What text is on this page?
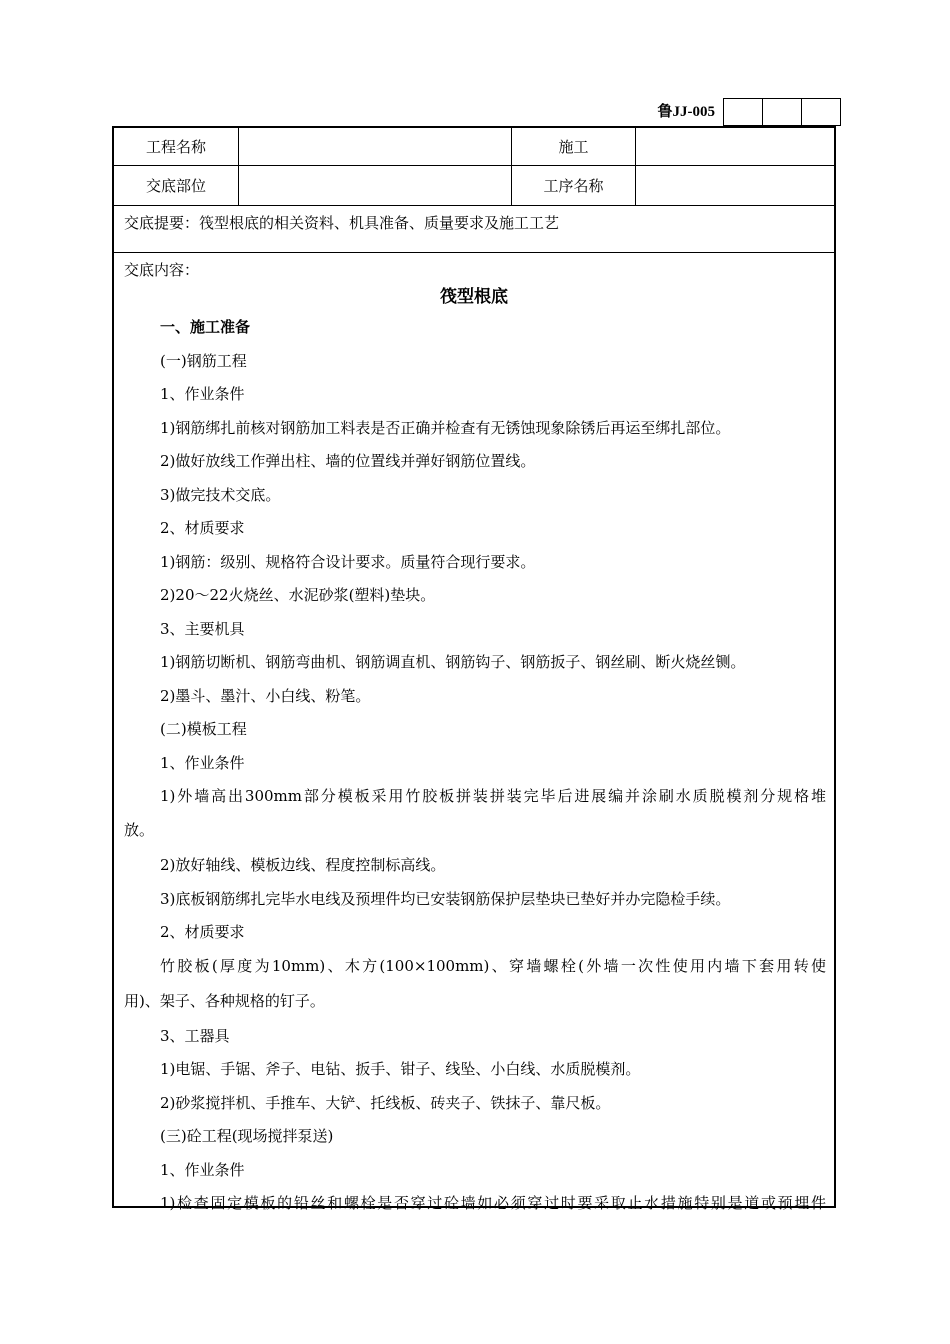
鲁JJ-005
工程名称	施工
交底部位	工序名称
交底提要：筏型根底的相关资料、机具准备、质量要求及施工工艺
交底内容：
筏型根底
一、施工准备
(一)钢筋工程
1、作业条件
1)钢筋绑扎前核对钢筋加工料表是否正确并检查有无锈蚀现象除锈后再运至绑扎部位。
2)做好放线工作弹出柱、墙的位置线并弹好钢筋位置线。
3)做完技术交底。
2、材质要求
1)钢筋：级别、规格符合设计要求。质量符合现行要求。
2)20～22火烧丝、水泥砂浆(塑料)垫块。
3、主要机具
1)钢筋切断机、钢筋弯曲机、钢筋调直机、钢筋钩子、钢筋扳子、钢丝刷、断火烧丝铡。
2)墨斗、墨汁、小白线、粉笔。
(二)模板工程
1、作业条件
1)外墙高出300mm部分模板采用竹胶板拼装拼装完毕后进展编并涂刷水质脱模剂分规格堆
放。
2)放好轴线、模板边线、程度控制标高线。
3)底板钢筋绑扎完毕水电线及预埋件均已安装钢筋保护层垫块已垫好并办完隐检手续。
2、材质要求
竹胶板(厚度为10mm)、木方(100×100mm)、穿墙螺栓(外墙一次性使用内墙下套用转使
用)、架子、各种规格的钉子。
3、工器具
1)电锯、手锯、斧子、电钻、扳手、钳子、线坠、小白线、水质脱模剂。
2)砂浆搅拌机、手推车、大铲、托线板、砖夹子、铁抹子、靠尺板。
(三)砼工程(现场搅拌泵送)
1、作业条件
1)检查固定模板的铅丝和螺栓是否穿过砼墙如必须穿过时要采取止水措施特别是道或预埋件
